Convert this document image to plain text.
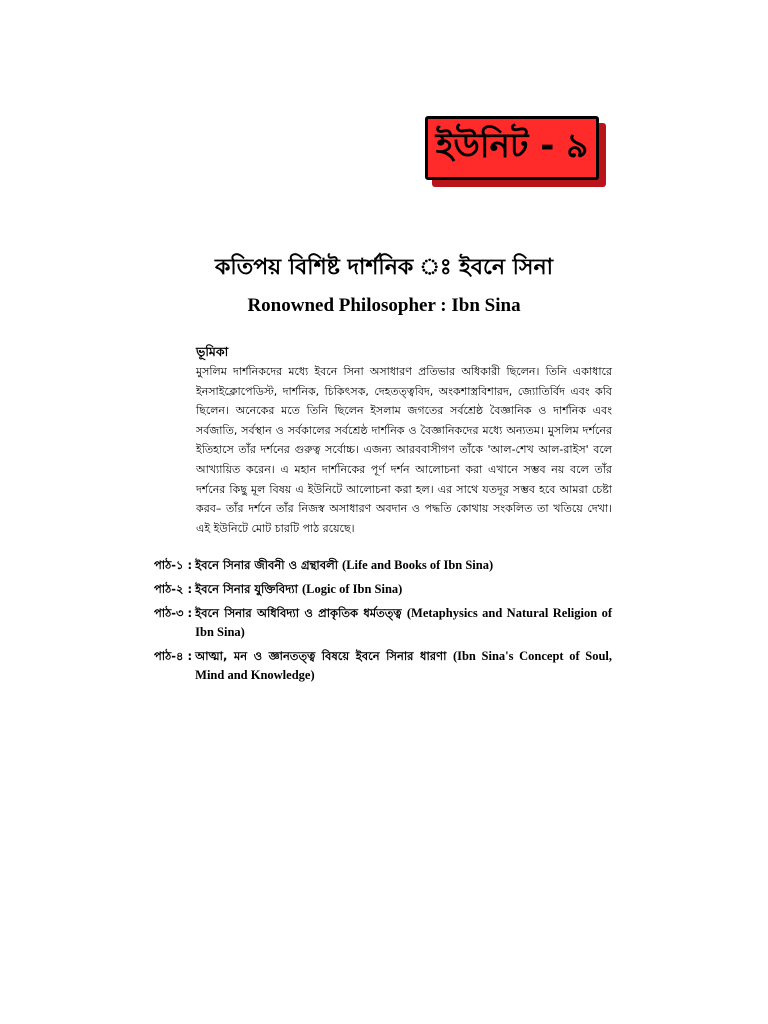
ইউনিট - ৯
কতিপয় বিশিষ্ট দার্শনিক ঃ ইবনে সিনা
Ronowned Philosopher : Ibn Sina
ভূমিকা
মুসলিম দার্শনিকদের মধ্যে ইবনে সিনা অসাধারণ প্রতিভার অধিকারী ছিলেন। তিনি একাধারে ইনসাইক্লোপেডিস্ট, দার্শনিক, চিকিৎসক, দেহতত্ত্ববিদ, অংকশাস্ত্রবিশারদ, জ্যোতির্বিদ এবং কবি ছিলেন। অনেকের মতে তিনি ছিলেন ইসলাম জগতের সর্বশ্রেষ্ঠ বৈজ্ঞানিক ও দার্শনিক এবং সর্বজাতি, সর্বস্থান ও সর্বকালের সর্বশ্রেষ্ঠ দার্শনিক ও বৈজ্ঞানিকদের মধ্যে অন্যতম। মুসলিম দর্শনের ইতিহাসে তাঁর দর্শনের গুরুত্ব সর্বোচ্চ। এজন্য আরববাসীগণ তাঁকে 'আল-শেখ আল-রাইস' বলে আখ্যায়িত করেন। এ মহান দার্শনিকের পূর্ণ দর্শন আলোচনা করা এখানে সম্ভব নয় বলে তাঁর দর্শনের কিছু মূল বিষয় এ ইউনিটে আলোচনা করা হল। এর সাথে যতদূর সম্ভব হবে আমরা চেষ্টা করব– তাঁর দর্শনে তাঁর নিজস্ব অসাধারণ অবদান ও পদ্ধতি কোথায় সংকলিত তা খতিয়ে দেখা। এই ইউনিটে মোট চারটি পাঠ রয়েছে।
পাঠ-১ : ইবনে সিনার জীবনী ও গ্রন্থাবলী (Life and Books of Ibn Sina)
পাঠ-২ : ইবনে সিনার যুক্তিবিদ্যা (Logic of Ibn Sina)
পাঠ-৩ : ইবনে সিনার অধিবিদ্যা ও প্রাকৃতিক ধর্মতত্ত্ব (Metaphysics and Natural Religion of Ibn Sina)
পাঠ-৪ : আত্মা, মন ও জ্ঞানতত্ত্ব বিষয়ে ইবনে সিনার ধারণা (Ibn Sina's Concept of Soul, Mind and Knowledge)
